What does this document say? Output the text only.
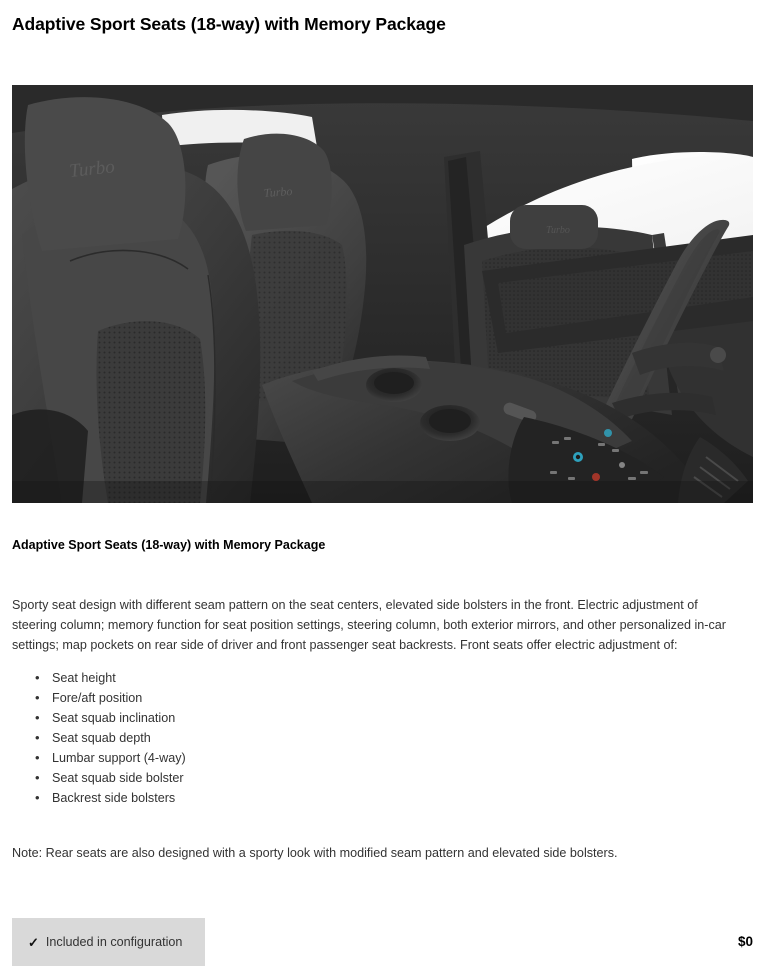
Adaptive Sport Seats (18-way) with Memory Package
Turbo
Turbo
Turbo
Adaptive Sport Seats (18-way) with Memory Package
Sporty seat design with different seam pattern on the seat centers, elevated side bolsters in the front. Electric adjustment of steering column; memory function for seat position settings, steering column, both exterior mirrors, and other personalized in-car settings; map pockets on rear side of driver and front passenger seat backrests. Front seats offer electric adjustment of:
• Seat height
• Fore/aft position
• Seat squab inclination
• Seat squab depth
• Lumbar support (4-way)
• Seat squab side bolster
• Backrest side bolsters
Note: Rear seats are also designed with a sporty look with modified seam pattern and elevated side bolsters.
✓ Included in configuration	$0
